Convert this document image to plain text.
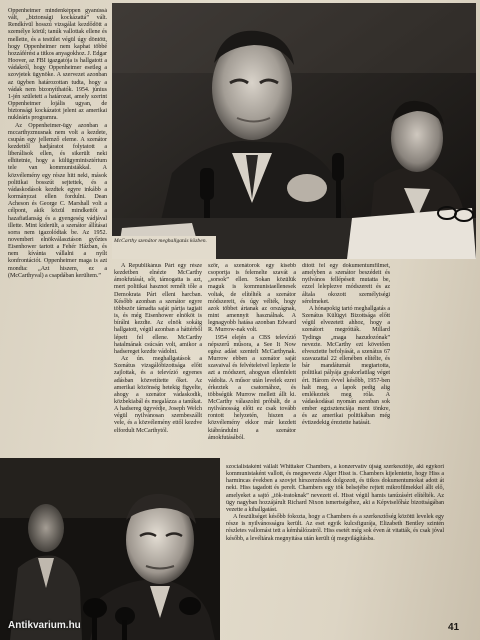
Oppenheimer mindenképpen gyanússá vált, „biztonsági kockázattá” vált. Rendkívül hosszú vizsgálat kezdődött a személye körül; tanúk vallottak ellene és mellette, és a testület végül úgy döntött, hogy Oppenheimer nem kaphat többé hozzáférést a titkos anyagokhoz. J. Edgar Hoover, az FBI igazgatója is hallgatott a vádakról, hogy Oppenheimer esetleg a szovjetek ügynöke. A szervezet azonban az ügyben határozottan tudta, hogy a vádak nem bizonyíthatók. 1954. június 1-jén született a határozat, amely szerint Oppenheimer lojális ugyan, de biztonsági kockázatot jelent az amerikai nukleáris programra.

Az Oppenheimer-ügy azonban a mccarthyzmusnak nem volt a kezdete, csupán egy jellemző eleme. A szenátor kezdettől hadjáratot folytatott a liberálisok ellen, és sikerült neki elhitetnie, hogy a külügyminisztérium tele van kommunistákkal. A közvélemény egy része hitt neki, mások politikai bosszút sejtettek, és a vádaskodások kezdtek egyre inkább a kormányzat ellen fordulni. Dean Acheson és George C. Marshall volt a célpont, akik közül mindkettőt a hazafiatlanság és a gyengeség vádjával illette. Mint kiderült, a szenátor állításai sorra nem igazolódtak be. Az 1952. novemberi elnökválasztáson győztes Eisenhower tartott a Fehér Házban, és nem kívánta vállalni a nyílt konfrontációt. Oppenheimer maga is azt mondta: „Azt hiszem, ez a (McCarthyval) a csapdában kerültem.”

McCarthy szenátor meghallgatás közben.

A Republikánus Párt egy része kezdetben elnézte McCarthy ámokfutását, sőt, támogatta is azt, mert politikai hasznot remélt tőle a Demokrata Párt elleni harcban. Később azonban a szenátor egyre többször támadta saját pártja tagjait is, és még Eisenhower elnököt is bírálni kezdte. Az elnök sokáig hallgatott, végül azonban a háttérből lépett fel ellene. McCarthy hatalmának csúcsán volt, amikor a hadsereget kezdte vádolni.

Az ún. meghallgatások a Szenátus vizsgálóbizottsága előtt zajlottak, és a televízió egyenes adásban közvetítette őket. Az amerikai közönség hetekig figyelte, ahogy a szenátor vádaskodik, közbekiabál és megalázza a tanúkat. A hadsereg ügyvédje, Joseph Welch végül nyilvánosan szembeszállt vele, és a közvélemény ettől kezdve elfordult McCarthytól.

ször, a szenátorok egy kisebb csoportja is felemelte szavát a „sorsok” ellen. Sokan közülük maguk is kommunistaellenesek voltak, de elítélték a szenátor módszereit, és úgy vélték, hogy azok többet ártanak az országnak, mint amennyit használnak. A legnagyobb hatása azonban Edward R. Murrow-nak volt.

1954 elején a CBS televízió népszerű műsora, a See It Now egész adást szentelt McCarthynak. Murrow ebben a szenátor saját szavaival és felvételeivel leplezte le azt a módszert, ahogyan ellenfeleit vádolta. A műsor után levelek ezrei érkeztek a csatornához, és többségük Murrow mellett állt ki. McCarthy válaszolni próbált, de a nyilvánosság előtt ez csak tovább rontott helyzetén, hiszen a közvélemény ekkor már kezdett kiábrándulni a szenátor ámokfutásából.

dított fel egy dokumentumfilmet, amelyben a szenátor beszédeit és nyilvános fellépéseit mutatta be, ezzel leleplezve módszereit és az általa okozott személyiségi sérelmeket.

A hónapokig tartó meghallgatás a Szenátus Külügyi Bizottsága előtt végül elvezetett ahhoz, hogy a szenátort megrótták. Millard Tydings „maga hazudozónak” nevezte. McCarthy ezt követően elvesztette befolyását, a szenátus 67 szavazattal 22 ellenében elítélte, és bár mandátumát megtartotta, politikai pályája gyakorlatilag véget ért. Három évvel később, 1957-ben halt meg, a lapok pedig alig emlékeztek meg róla. A vádaskodásai nyomán azonban sok ember egzisztenciája ment tönkre, és az amerikai politikában még évtizedekig éreztette hatását.

szocialistaként vállalt Whittaker Chambers, a konzervatív újság szerkesztője, aki egykori kommunistaként vallott, és megnevezte Alger Hisst is. Chambers kijelentette, hogy Hiss a harmincas években a szovjet hírszerzésnek dolgozott, és titkos dokumentumokat adott át neki. Hiss tagadott és perelt. Chambers egy tök belsejébe rejtett mikrofilmekkel állt elő, amelyeket a sajtó „tök-iratoknak” nevezett el. Hisst végül hamis tanúzásért elítélték. Az ügy nagyban hozzájárult Richard Nixon ismertségéhez, aki a Képviselőház bizottságában vezette a kihallgatást.

A feszültséget később fokozta, hogy a Chambers és a szerkesztőség közötti levelek egy része is nyilvánosságra került. Az eset egyik kulcsfigurája, Elizabeth Bentley szintén részletes vallomást tett a kémhálózatról. Hiss esetét még sok éven át vitatták, és csak jóval később, a levéltárak megnyitása után került új megvilágításba.

41
Antikvarium.hu
